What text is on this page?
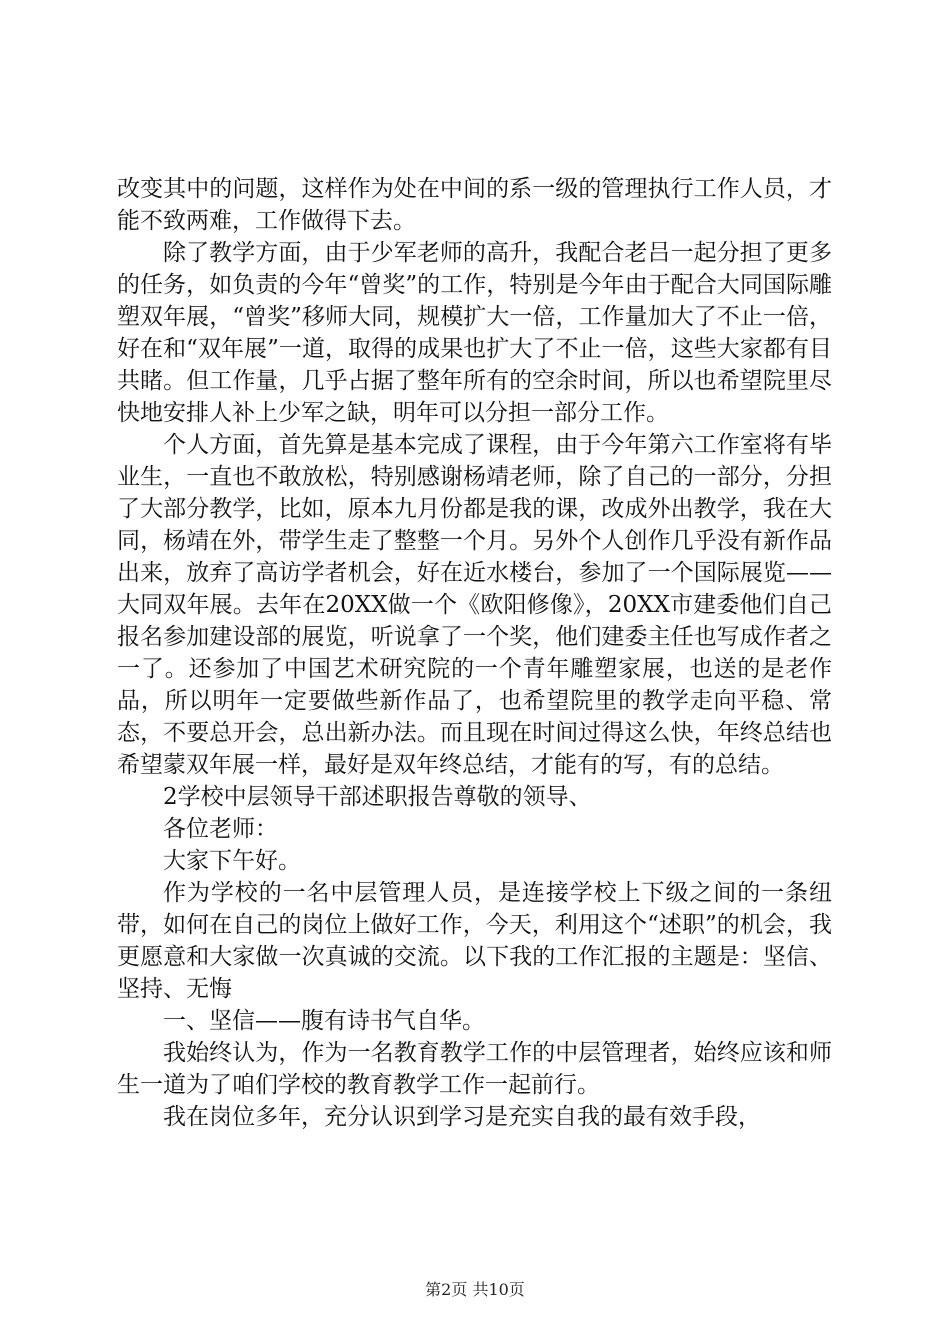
改变其中的问题，这样作为处在中间的系一级的管理执行工作人员，才能不致两难，工作做得下去。

除了教学方面，由于少军老师的高升，我配合老吕一起分担了更多的任务，如负责的今年“曾奖”的工作，特别是今年由于配合大同国际雕塑双年展，“曾奖”移师大同，规模扩大一倍，工作量加大了不止一倍，好在和“双年展”一道，取得的成果也扩大了不止一倍，这些大家都有目共睹。但工作量，几乎占据了整年所有的空余时间，所以也希望院里尽快地安排人补上少军之缺，明年可以分担一部分工作。

个人方面，首先算是基本完成了课程，由于今年第六工作室将有毕业生，一直也不敢放松，特别感谢杨靖老师，除了自己的一部分，分担了大部分教学，比如，原本九月份都是我的课，改成外出教学，我在大同，杨靖在外，带学生走了整整一个月。另外个人创作几乎没有新作品出来，放弃了高访学者机会，好在近水楼台，参加了一个国际展览——大同双年展。去年在20XX做一个《欧阳修像》，20XX市建委他们自己报名参加建设部的展览，听说拿了一个奖，他们建委主任也写成作者之一了。还参加了中国艺术研究院的一个青年雕塑家展，也送的是老作品，所以明年一定要做些新作品了，也希望院里的教学走向平稳、常态，不要总开会，总出新办法。而且现在时间过得这么快，年终总结也希望蒙双年展一样，最好是双年终总结，才能有的写，有的总结。

2学校中层领导干部述职报告尊敬的领导、

各位老师：

大家下午好。

作为学校的一名中层管理人员，是连接学校上下级之间的一条纽带，如何在自己的岗位上做好工作，今天，利用这个“述职”的机会，我更愿意和大家做一次真诚的交流。以下我的工作汇报的主题是：坚信、坚持、无悔

一、坚信——腹有诗书气自华。

我始终认为，作为一名教育教学工作的中层管理者，始终应该和师生一道为了咱们学校的教育教学工作一起前行。

我在岗位多年，充分认识到学习是充实自我的最有效手段，

第2页 共10页
